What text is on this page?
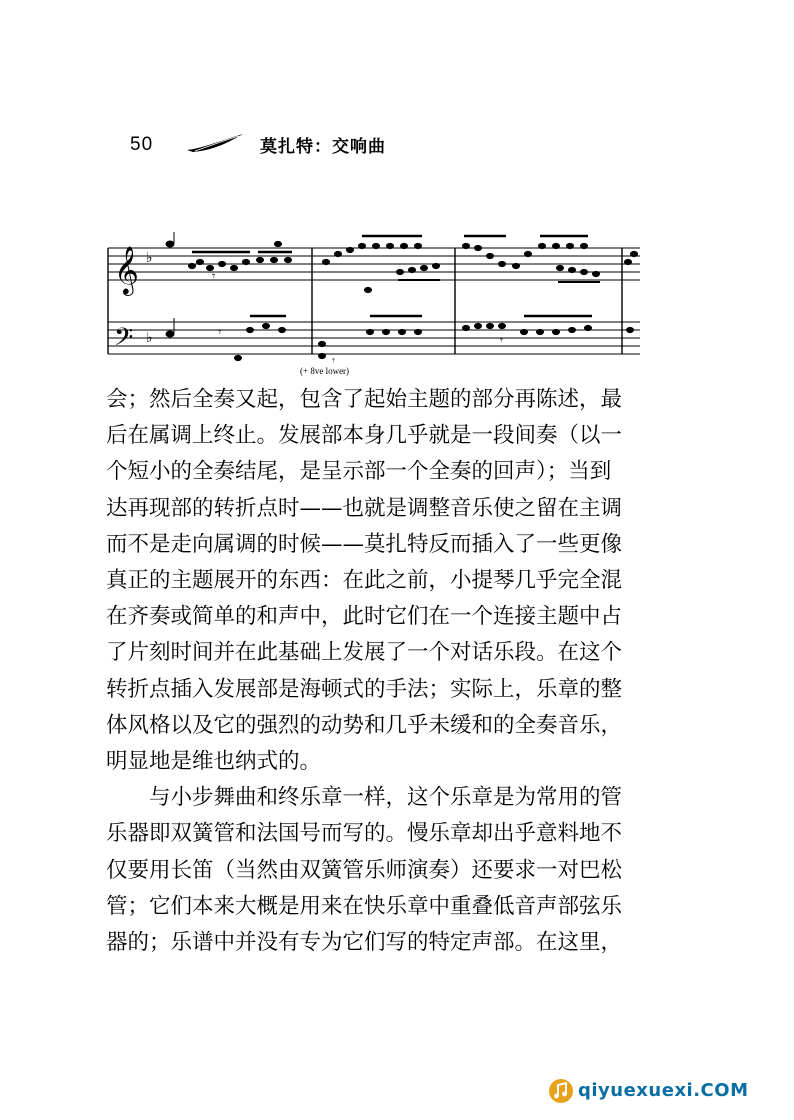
50	莫扎特：交响曲
𝄞
𝄢
♭
♭
𝄾
𝄾
𝄾
𝄾
(+ 8ve lower)

会；然后全奏又起，包含了起始主题的部分再陈述，最
后在属调上终止。发展部本身几乎就是一段间奏（以一
个短小的全奏结尾，是呈示部一个全奏的回声）；当到
达再现部的转折点时——也就是调整音乐使之留在主调
而不是走向属调的时候——莫扎特反而插入了一些更像
真正的主题展开的东西：在此之前，小提琴几乎完全混
在齐奏或简单的和声中，此时它们在一个连接主题中占
了片刻时间并在此基础上发展了一个对话乐段。在这个
转折点插入发展部是海顿式的手法；实际上，乐章的整
体风格以及它的强烈的动势和几乎未缓和的全奏音乐，
明显地是维也纳式的。

与小步舞曲和终乐章一样，这个乐章是为常用的管
乐器即双簧管和法国号而写的。慢乐章却出乎意料地不
仅要用长笛（当然由双簧管乐师演奏）还要求一对巴松
管；它们本来大概是用来在快乐章中重叠低音声部弦乐
器的；乐谱中并没有专为它们写的特定声部。在这里，

qiyuexuexi.COM
